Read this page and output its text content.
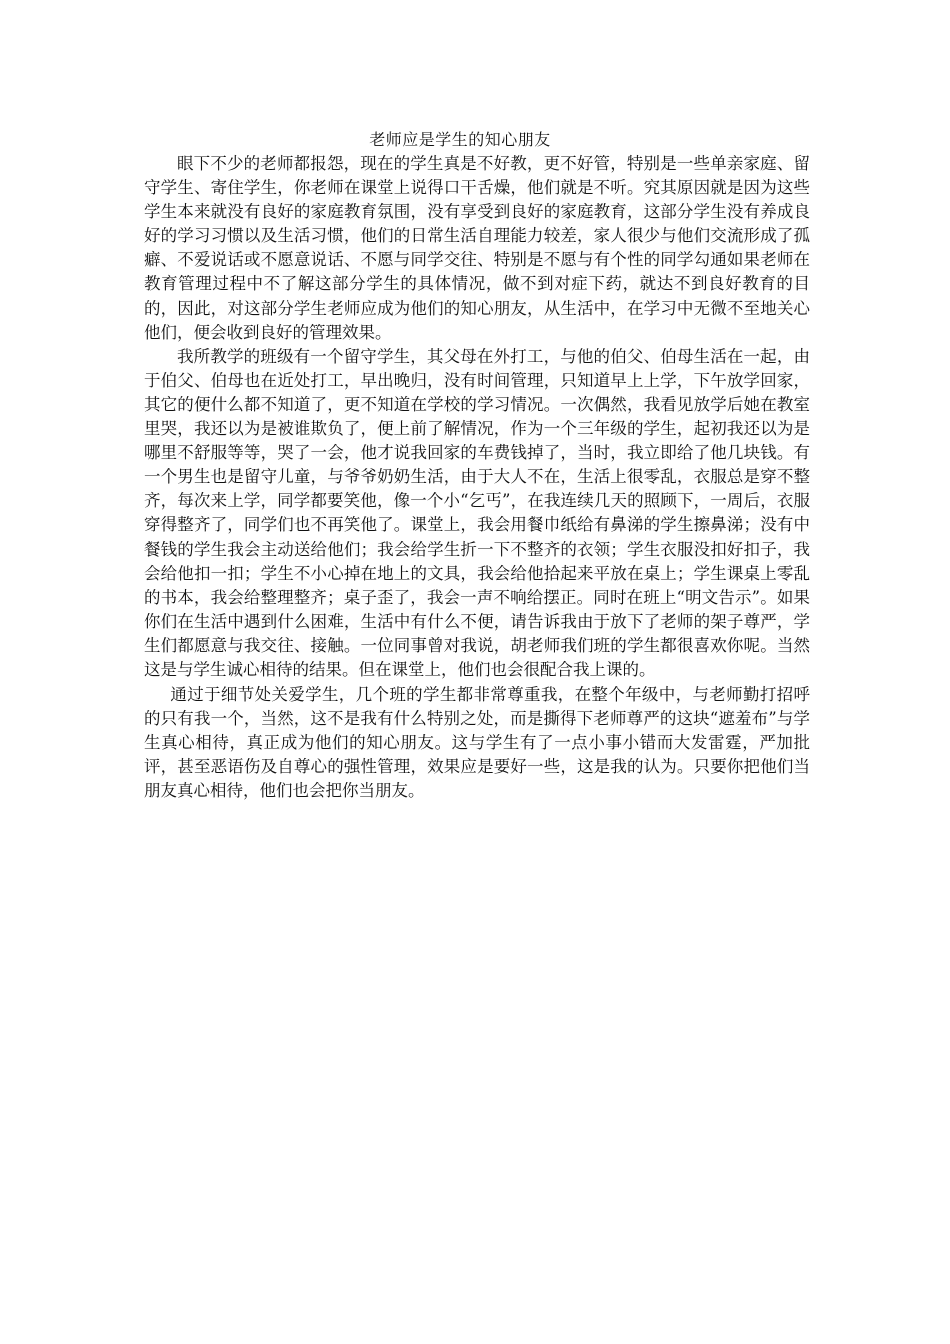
老师应是学生的知心朋友

眼下不少的老师都报怨，现在的学生真是不好教，更不好管，特别是一些单亲家庭、留守学生、寄住学生，你老师在课堂上说得口干舌燥，他们就是不听。究其原因就是因为这些学生本来就没有良好的家庭教育氛围，没有享受到良好的家庭教育，这部分学生没有养成良好的学习习惯以及生活习惯，他们的日常生活自理能力较差，家人很少与他们交流形成了孤癖、不爱说话或不愿意说话、不愿与同学交往、特别是不愿与有个性的同学勾通如果老师在教育管理过程中不了解这部分学生的具体情况，做不到对症下药，就达不到良好教育的目的，因此，对这部分学生老师应成为他们的知心朋友，从生活中，在学习中无微不至地关心他们，便会收到良好的管理效果。

我所教学的班级有一个留守学生，其父母在外打工，与他的伯父、伯母生活在一起，由于伯父、伯母也在近处打工，早出晚归，没有时间管理，只知道早上上学，下午放学回家，其它的便什么都不知道了，更不知道在学校的学习情况。一次偶然，我看见放学后她在教室里哭，我还以为是被谁欺负了，便上前了解情况，作为一个三年级的学生，起初我还以为是哪里不舒服等等，哭了一会，他才说我回家的车费钱掉了，当时，我立即给了他几块钱。有一个男生也是留守儿童，与爷爷奶奶生活，由于大人不在，生活上很零乱，衣服总是穿不整齐，每次来上学，同学都要笑他，像一个小“乞丐”，在我连续几天的照顾下，一周后，衣服穿得整齐了，同学们也不再笑他了。课堂上，我会用餐巾纸给有鼻涕的学生擦鼻涕；没有中餐钱的学生我会主动送给他们；我会给学生折一下不整齐的衣领；学生衣服没扣好扣子，我会给他扣一扣；学生不小心掉在地上的文具，我会给他拾起来平放在桌上；学生课桌上零乱的书本，我会给整理整齐；桌子歪了，我会一声不响给摆正。同时在班上“明文告示”。如果你们在生活中遇到什么困难，生活中有什么不便，请告诉我由于放下了老师的架子尊严，学生们都愿意与我交往、接触。一位同事曾对我说，胡老师我们班的学生都很喜欢你呢。当然这是与学生诚心相待的结果。但在课堂上，他们也会很配合我上课的。

通过于细节处关爱学生，几个班的学生都非常尊重我，在整个年级中，与老师勤打招呼的只有我一个，当然，这不是我有什么特别之处，而是撕得下老师尊严的这块“遮羞布”与学生真心相待，真正成为他们的知心朋友。这与学生有了一点小事小错而大发雷霆，严加批评，甚至恶语伤及自尊心的强性管理，效果应是要好一些，这是我的认为。只要你把他们当朋友真心相待，他们也会把你当朋友。
